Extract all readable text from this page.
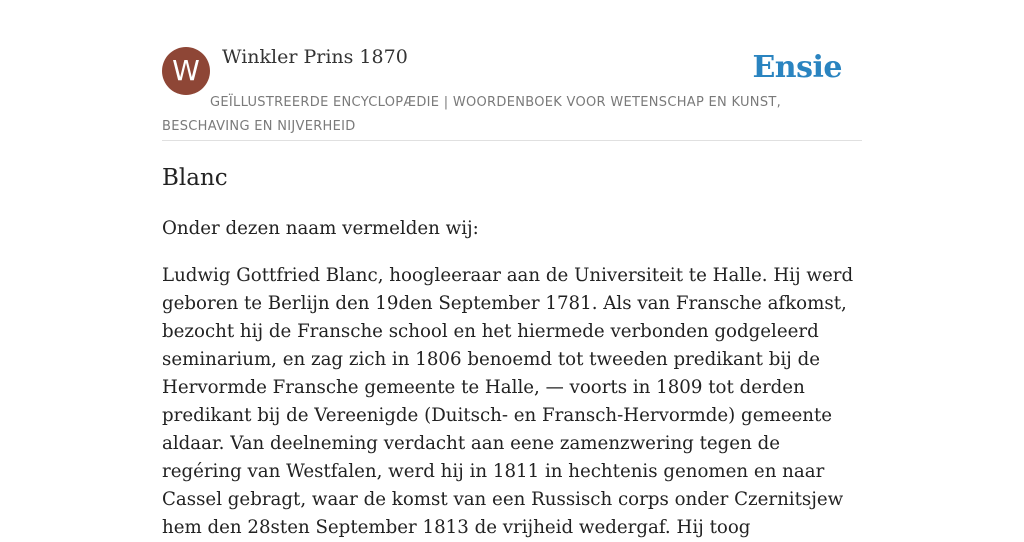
W	Winkler Prins 1870	Ensie
GEÏLLUSTREERDE ENCYCLOPÆDIE | WOORDENBOEK VOOR WETENSCHAP EN KUNST, BESCHAVING EN NIJVERHEID
Blanc

Onder dezen naam vermelden wij:

Ludwig Gottfried Blanc, hoogleeraar aan de Universiteit te Halle. Hij werd geboren te Berlijn den 19den September 1781. Als van Fransche afkomst, bezocht hij de Fransche school en het hiermede verbonden godgeleerd seminarium, en zag zich in 1806 benoemd tot tweeden predikant bij de Hervormde Fransche gemeente te Halle, — voorts in 1809 tot derden predikant bij de Vereenigde (Duitsch- en Fransch-Hervormde) gemeente aldaar. Van deelneming verdacht aan eene zamenzwering tegen de regéring van Westfalen, werd hij in 1811 in hechtenis genomen en naar Cassel gebragt, waar de komst van een Russisch corps onder Czernitsjew hem den 28sten September 1813 de vrijheid wedergaf. Hij toog
